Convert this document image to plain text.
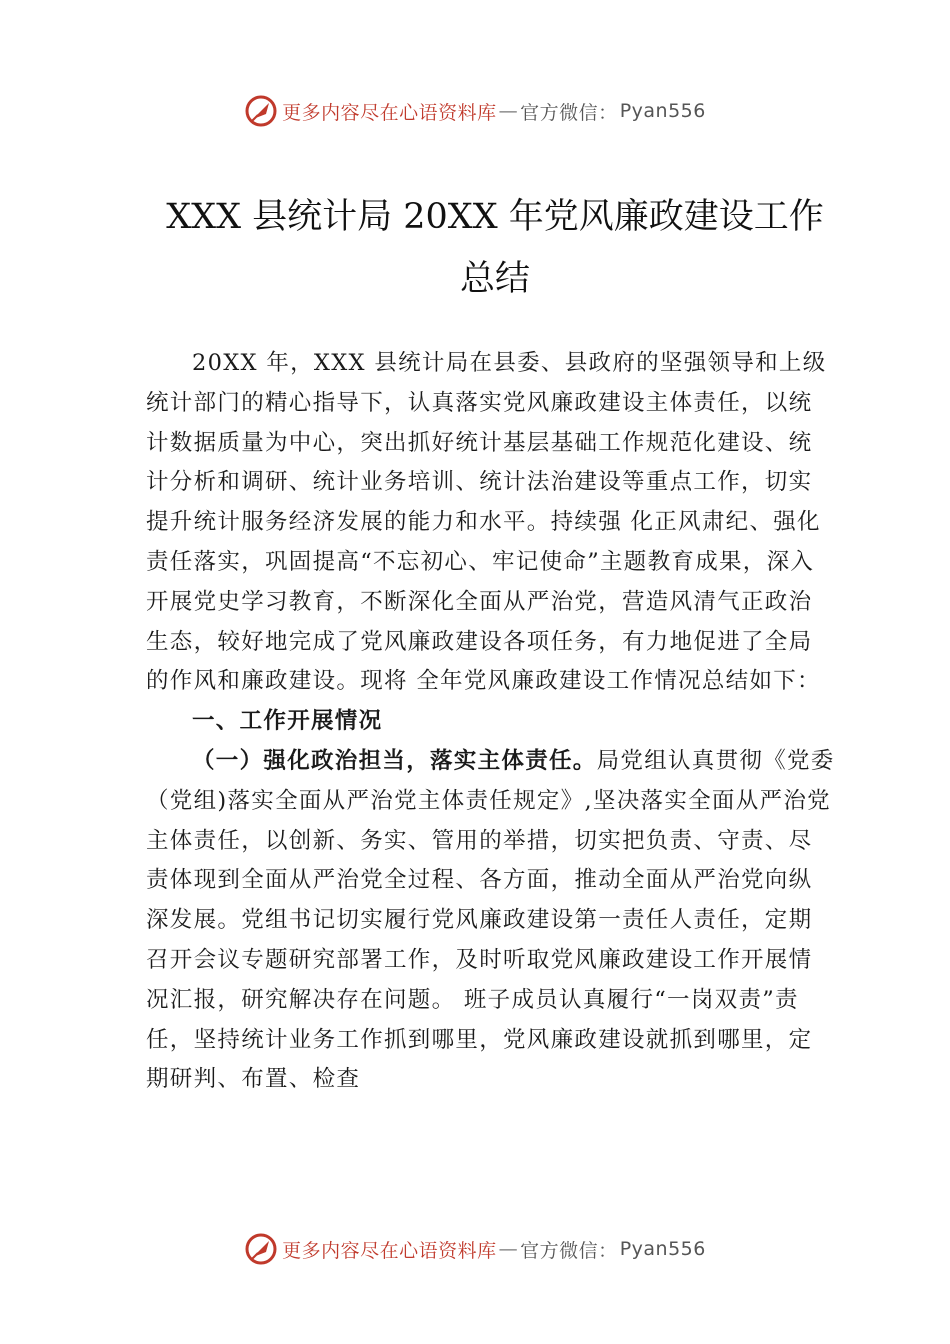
更多内容尽在心语资料库 — 官方微信： Pyan556
XXX 县统计局 20XX 年党风廉政建设工作
总结

20XX 年，XXX 县统计局在县委、县政府的坚强领导和上级统计部门的精心指导下，认真落实党风廉政建设主体责任，以统计数据质量为中心，突出抓好统计基层基础工作规范化建设、统计分析和调研、统计业务培训、统计法治建设等重点工作，切实提升统计服务经济发展的能力和水平。持续强 化正风肃纪、强化责任落实，巩固提高“不忘初心、牢记使命”主题教育成果，深入开展党史学习教育，不断深化全面从严治党，营造风清气正政治生态，较好地完成了党风廉政建设各项任务，有力地促进了全局的作风和廉政建设。现将 全年党风廉政建设工作情况总结如下：

一、工作开展情况

（一）强化政治担当，落实主体责任。局党组认真贯彻《党委（党组)落实全面从严治党主体责任规定》,坚决落实全面从严治党主体责任，以创新、务实、管用的举措，切实把负责、守责、尽责体现到全面从严治党全过程、各方面，推动全面从严治党向纵深发展。党组书记切实履行党风廉政建设第一责任人责任，定期召开会议专题研究部署工作，及时听取党风廉政建设工作开展情况汇报，研究解决存在问题。 班子成员认真履行“一岗双责”责任，坚持统计业务工作抓到哪里，党风廉政建设就抓到哪里，定期研判、布置、检查

更多内容尽在心语资料库 — 官方微信： Pyan556
